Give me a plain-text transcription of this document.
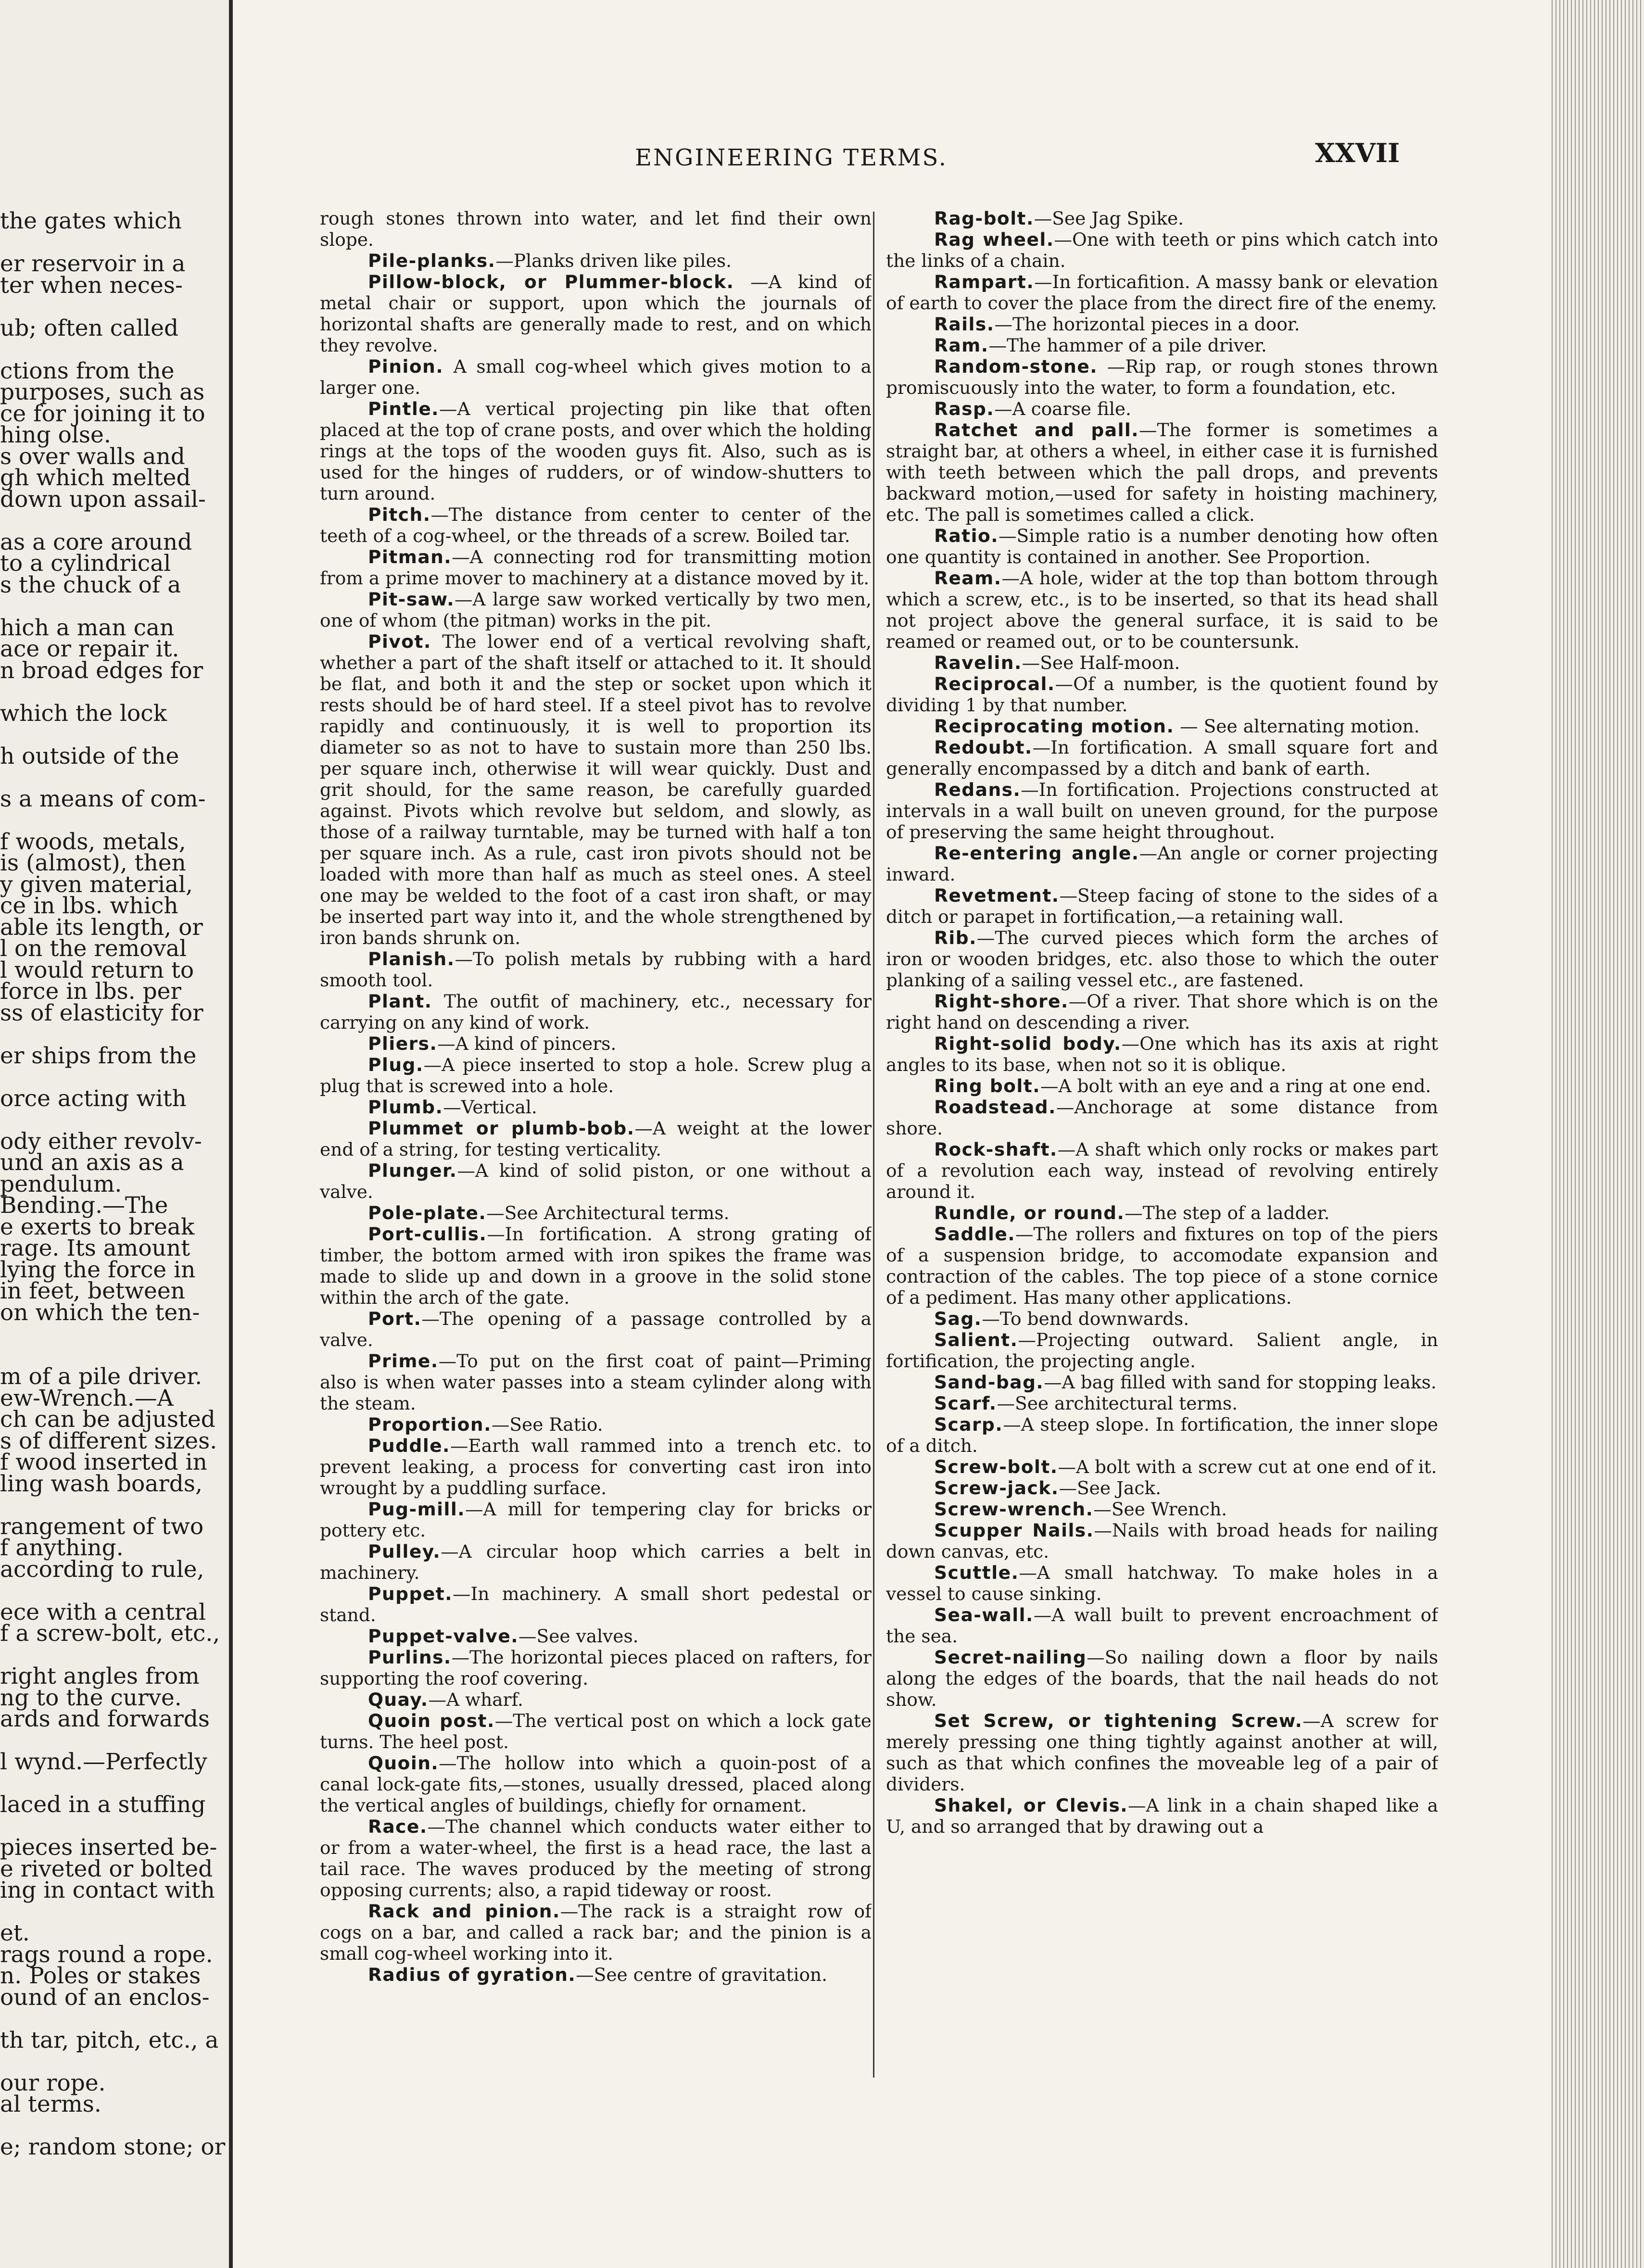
the gates which
er reservoir in a
ter when neces-
ub; often called
ctions from the
purposes, such as
ce for joining it to
hing olse.
s over walls and
gh which melted
down upon assail-
as a core around
to a cylindrical
s the chuck of a
hich a man can
ace or repair it.
n broad edges for
which the lock
h outside of the
s a means of com-
f woods, metals,
is (almost), then
y given material,
ce in lbs. which
able its length, or
l on the removal
l would return to
force in lbs. per
ss of elasticity for
er ships from the
orce acting with
ody either revolv-
und an axis as a
pendulum.
Bending.—The
e exerts to break
rage. Its amount
lying the force in
in feet, between
on which the ten-
m of a pile driver.
ew-Wrench.—A
ch can be adjusted
s of different sizes.
f wood inserted in
ling wash boards,
rangement of two
f anything.
according to rule,
ece with a central
f a screw-bolt, etc.,
right angles from
ng to the curve.
ards and forwards
l wynd.—Perfectly
laced in a stuffing
pieces inserted be-
e riveted or bolted
ing in contact with
et.
rags round a rope.
n. Poles or stakes
ound of an enclos-
th tar, pitch, etc., a
our rope.
al terms.
e; random stone; or
ENGINEERING TERMS.	XXVII

rough stones thrown into water, and let find their own slope.

Pile-planks.—Planks driven like piles.

Pillow-block, or Plummer-block. —A kind of metal chair or support, upon which the journals of horizontal shafts are generally made to rest, and on which they revolve.

Pinion. A small cog-wheel which gives motion to a larger one.

Pintle.—A vertical projecting pin like that often placed at the top of crane posts, and over which the holding rings at the tops of the wooden guys fit. Also, such as is used for the hinges of rudders, or of window-shutters to turn around.

Pitch.—The distance from center to center of the teeth of a cog-wheel, or the threads of a screw. Boiled tar.

Pitman.—A connecting rod for transmitting motion from a prime mover to machinery at a distance moved by it.

Pit-saw.—A large saw worked vertically by two men, one of whom (the pitman) works in the pit.

Pivot. The lower end of a vertical revolving shaft, whether a part of the shaft itself or attached to it. It should be flat, and both it and the step or socket upon which it rests should be of hard steel. If a steel pivot has to revolve rapidly and continuously, it is well to proportion its diameter so as not to have to sustain more than 250 lbs. per square inch, otherwise it will wear quickly. Dust and grit should, for the same reason, be carefully guarded against. Pivots which revolve but seldom, and slowly, as those of a railway turntable, may be turned with half a ton per square inch. As a rule, cast iron pivots should not be loaded with more than half as much as steel ones. A steel one may be welded to the foot of a cast iron shaft, or may be inserted part way into it, and the whole strengthened by iron bands shrunk on.

Planish.—To polish metals by rubbing with a hard smooth tool.

Plant. The outfit of machinery, etc., necessary for carrying on any kind of work.

Pliers.—A kind of pincers.

Plug.—A piece inserted to stop a hole. Screw plug a plug that is screwed into a hole.

Plumb.—Vertical.

Plummet or plumb-bob.—A weight at the lower end of a string, for testing verticality.

Plunger.—A kind of solid piston, or one without a valve.

Pole-plate.—See Architectural terms.

Port-cullis.—In fortification. A strong grating of timber, the bottom armed with iron spikes the frame was made to slide up and down in a groove in the solid stone within the arch of the gate.

Port.—The opening of a passage controlled by a valve.

Prime.—To put on the first coat of paint—Priming also is when water passes into a steam cylinder along with the steam.

Proportion.—See Ratio.

Puddle.—Earth wall rammed into a trench etc. to prevent leaking, a process for converting cast iron into wrought by a puddling surface.

Pug-mill.—A mill for tempering clay for bricks or pottery etc.

Pulley.—A circular hoop which carries a belt in machinery.

Puppet.—In machinery. A small short pedestal or stand.

Puppet-valve.—See valves.

Purlins.—The horizontal pieces placed on rafters, for supporting the roof covering.

Quay.—A wharf.

Quoin post.—The vertical post on which a lock gate turns. The heel post.

Quoin.—The hollow into which a quoin-post of a canal lock-gate fits,—stones, usually dressed, placed along the vertical angles of buildings, chiefly for ornament.

Race.—The channel which conducts water either to or from a water-wheel, the first is a head race, the last a tail race. The waves produced by the meeting of strong opposing currents; also, a rapid tideway or roost.

Rack and pinion.—The rack is a straight row of cogs on a bar, and called a rack bar; and the pinion is a small cog-wheel working into it.

Radius of gyration.—See centre of gravitation.

Rag-bolt.—See Jag Spike.

Rag wheel.—One with teeth or pins which catch into the links of a chain.

Rampart.—In forticafition. A massy bank or elevation of earth to cover the place from the direct fire of the enemy.

Rails.—The horizontal pieces in a door.

Ram.—The hammer of a pile driver.

Random-stone. —Rip rap, or rough stones thrown promiscuously into the water, to form a foundation, etc.

Rasp.—A coarse file.

Ratchet and pall.—The former is sometimes a straight bar, at others a wheel, in either case it is furnished with teeth between which the pall drops, and prevents backward motion,—used for safety in hoisting machinery, etc. The pall is sometimes called a click.

Ratio.—Simple ratio is a number denoting how often one quantity is contained in another. See Proportion.

Ream.—A hole, wider at the top than bottom through which a screw, etc., is to be inserted, so that its head shall not project above the general surface, it is said to be reamed or reamed out, or to be countersunk.

Ravelin.—See Half-moon.

Reciprocal.—Of a number, is the quotient found by dividing 1 by that number.

Reciprocating motion. — See alternating motion.

Redoubt.—In fortification. A small square fort and generally encompassed by a ditch and bank of earth.

Redans.—In fortification. Projections constructed at intervals in a wall built on uneven ground, for the purpose of preserving the same height throughout.

Re-entering angle.—An angle or corner projecting inward.

Revetment.—Steep facing of stone to the sides of a ditch or parapet in fortification,—a retaining wall.

Rib.—The curved pieces which form the arches of iron or wooden bridges, etc. also those to which the outer planking of a sailing vessel etc., are fastened.

Right-shore.—Of a river. That shore which is on the right hand on descending a river.

Right-solid body.—One which has its axis at right angles to its base, when not so it is oblique.

Ring bolt.—A bolt with an eye and a ring at one end.

Roadstead.—Anchorage at some distance from shore.

Rock-shaft.—A shaft which only rocks or makes part of a revolution each way, instead of revolving entirely around it.

Rundle, or round.—The step of a ladder.

Saddle.—The rollers and fixtures on top of the piers of a suspension bridge, to accomodate expansion and contraction of the cables. The top piece of a stone cornice of a pediment. Has many other applications.

Sag.—To bend downwards.

Salient.—Projecting outward. Salient angle, in fortification, the projecting angle.

Sand-bag.—A bag filled with sand for stopping leaks.

Scarf.—See architectural terms.

Scarp.—A steep slope. In fortification, the inner slope of a ditch.

Screw-bolt.—A bolt with a screw cut at one end of it.

Screw-jack.—See Jack.

Screw-wrench.—See Wrench.

Scupper Nails.—Nails with broad heads for nailing down canvas, etc.

Scuttle.—A small hatchway. To make holes in a vessel to cause sinking.

Sea-wall.—A wall built to prevent encroachment of the sea.

Secret-nailing—So nailing down a floor by nails along the edges of the boards, that the nail heads do not show.

Set Screw, or tightening Screw.—A screw for merely pressing one thing tightly against another at will, such as that which confines the moveable leg of a pair of dividers.

Shakel, or Clevis.—A link in a chain shaped like a U, and so arranged that by drawing out a
